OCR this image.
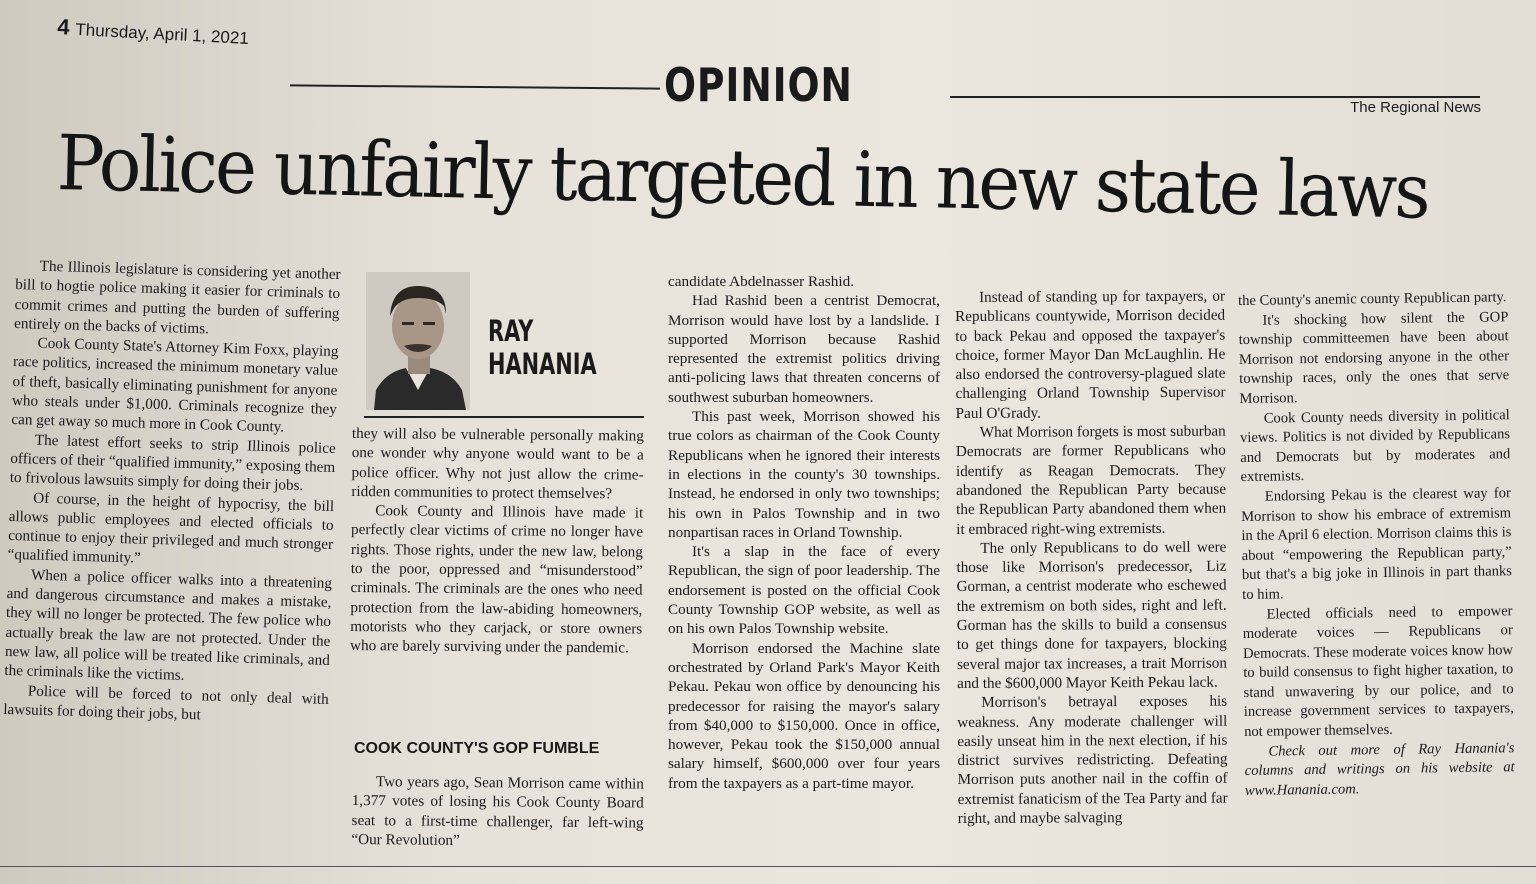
4 Thursday, April 1, 2021
OPINION	The Regional News
Police unfairly targeted in new state laws

The Illinois legislature is considering yet another bill to hogtie police making it easier for criminals to commit crimes and putting the burden of suffering entirely on the backs of victims.

Cook County State's Attorney Kim Foxx, playing race politics, increased the minimum monetary value of theft, basically eliminating punishment for anyone who steals under $1,000. Criminals recognize they can get away so much more in Cook County.

The latest effort seeks to strip Illinois police officers of their “qualified immunity,” exposing them to frivolous lawsuits simply for doing their jobs.

Of course, in the height of hypocrisy, the bill allows public employees and elected officials to continue to enjoy their privileged and much stronger “qualified immunity.”

When a police officer walks into a threatening and dangerous circumstance and makes a mistake, they will no longer be protected. The few police who actually break the law are not protected. Under the new law, all police will be treated like criminals, and the criminals like the victims.

Police will be forced to not only deal with lawsuits for doing their jobs, but

RAY
HANANIA

they will also be vulnerable personally making one wonder why anyone would want to be a police officer. Why not just allow the crime-ridden communities to protect themselves?

Cook County and Illinois have made it perfectly clear victims of crime no longer have rights. Those rights, under the new law, belong to the poor, oppressed and “misunderstood” criminals. The criminals are the ones who need protection from the law-abiding homeowners, motorists who they carjack, or store owners who are barely surviving under the pandemic.

COOK COUNTY'S GOP FUMBLE

Two years ago, Sean Morrison came within 1,377 votes of losing his Cook County Board seat to a first-time challenger, far left-wing “Our Revolution”

candidate Abdelnasser Rashid.

Had Rashid been a centrist Democrat, Morrison would have lost by a landslide. I supported Morrison because Rashid represented the extremist politics driving anti-policing laws that threaten concerns of southwest suburban homeowners.

This past week, Morrison showed his true colors as chairman of the Cook County Republicans when he ignored their interests in elections in the county's 30 townships. Instead, he endorsed in only two townships; his own in Palos Township and in two nonpartisan races in Orland Township.

It's a slap in the face of every Republican, the sign of poor leadership. The endorsement is posted on the official Cook County Township GOP website, as well as on his own Palos Township website.

Morrison endorsed the Machine slate orchestrated by Orland Park's Mayor Keith Pekau. Pekau won office by denouncing his predecessor for raising the mayor's salary from $40,000 to $150,000. Once in office, however, Pekau took the $150,000 annual salary himself, $600,000 over four years from the taxpayers as a part-time mayor.

Instead of standing up for taxpayers, or Republicans countywide, Morrison decided to back Pekau and opposed the taxpayer's choice, former Mayor Dan McLaughlin. He also endorsed the controversy-plagued slate challenging Orland Township Supervisor Paul O'Grady.

What Morrison forgets is most suburban Democrats are former Republicans who identify as Reagan Democrats. They abandoned the Republican Party because the Republican Party abandoned them when it embraced right-wing extremists.

The only Republicans to do well were those like Morrison's predecessor, Liz Gorman, a centrist moderate who eschewed the extremism on both sides, right and left. Gorman has the skills to build a consensus to get things done for taxpayers, blocking several major tax increases, a trait Morrison and the $600,000 Mayor Keith Pekau lack.

Morrison's betrayal exposes his weakness. Any moderate challenger will easily unseat him in the next election, if his district survives redistricting. Defeating Morrison puts another nail in the coffin of extremist fanaticism of the Tea Party and far right, and maybe salvaging

the County's anemic county Republican party.

It's shocking how silent the GOP township committeemen have been about Morrison not endorsing anyone in the other township races, only the ones that serve Morrison.

Cook County needs diversity in political views. Politics is not divided by Republicans and Democrats but by moderates and extremists.

Endorsing Pekau is the clearest way for Morrison to show his embrace of extremism in the April 6 election. Morrison claims this is about “empowering the Republican party,” but that's a big joke in Illinois in part thanks to him.

Elected officials need to empower moderate voices — Republicans or Democrats. These moderate voices know how to build consensus to fight higher taxation, to stand unwavering by our police, and to increase government services to taxpayers, not empower themselves.

Check out more of Ray Hanania's columns and writings on his website at www.Hanania.com.
